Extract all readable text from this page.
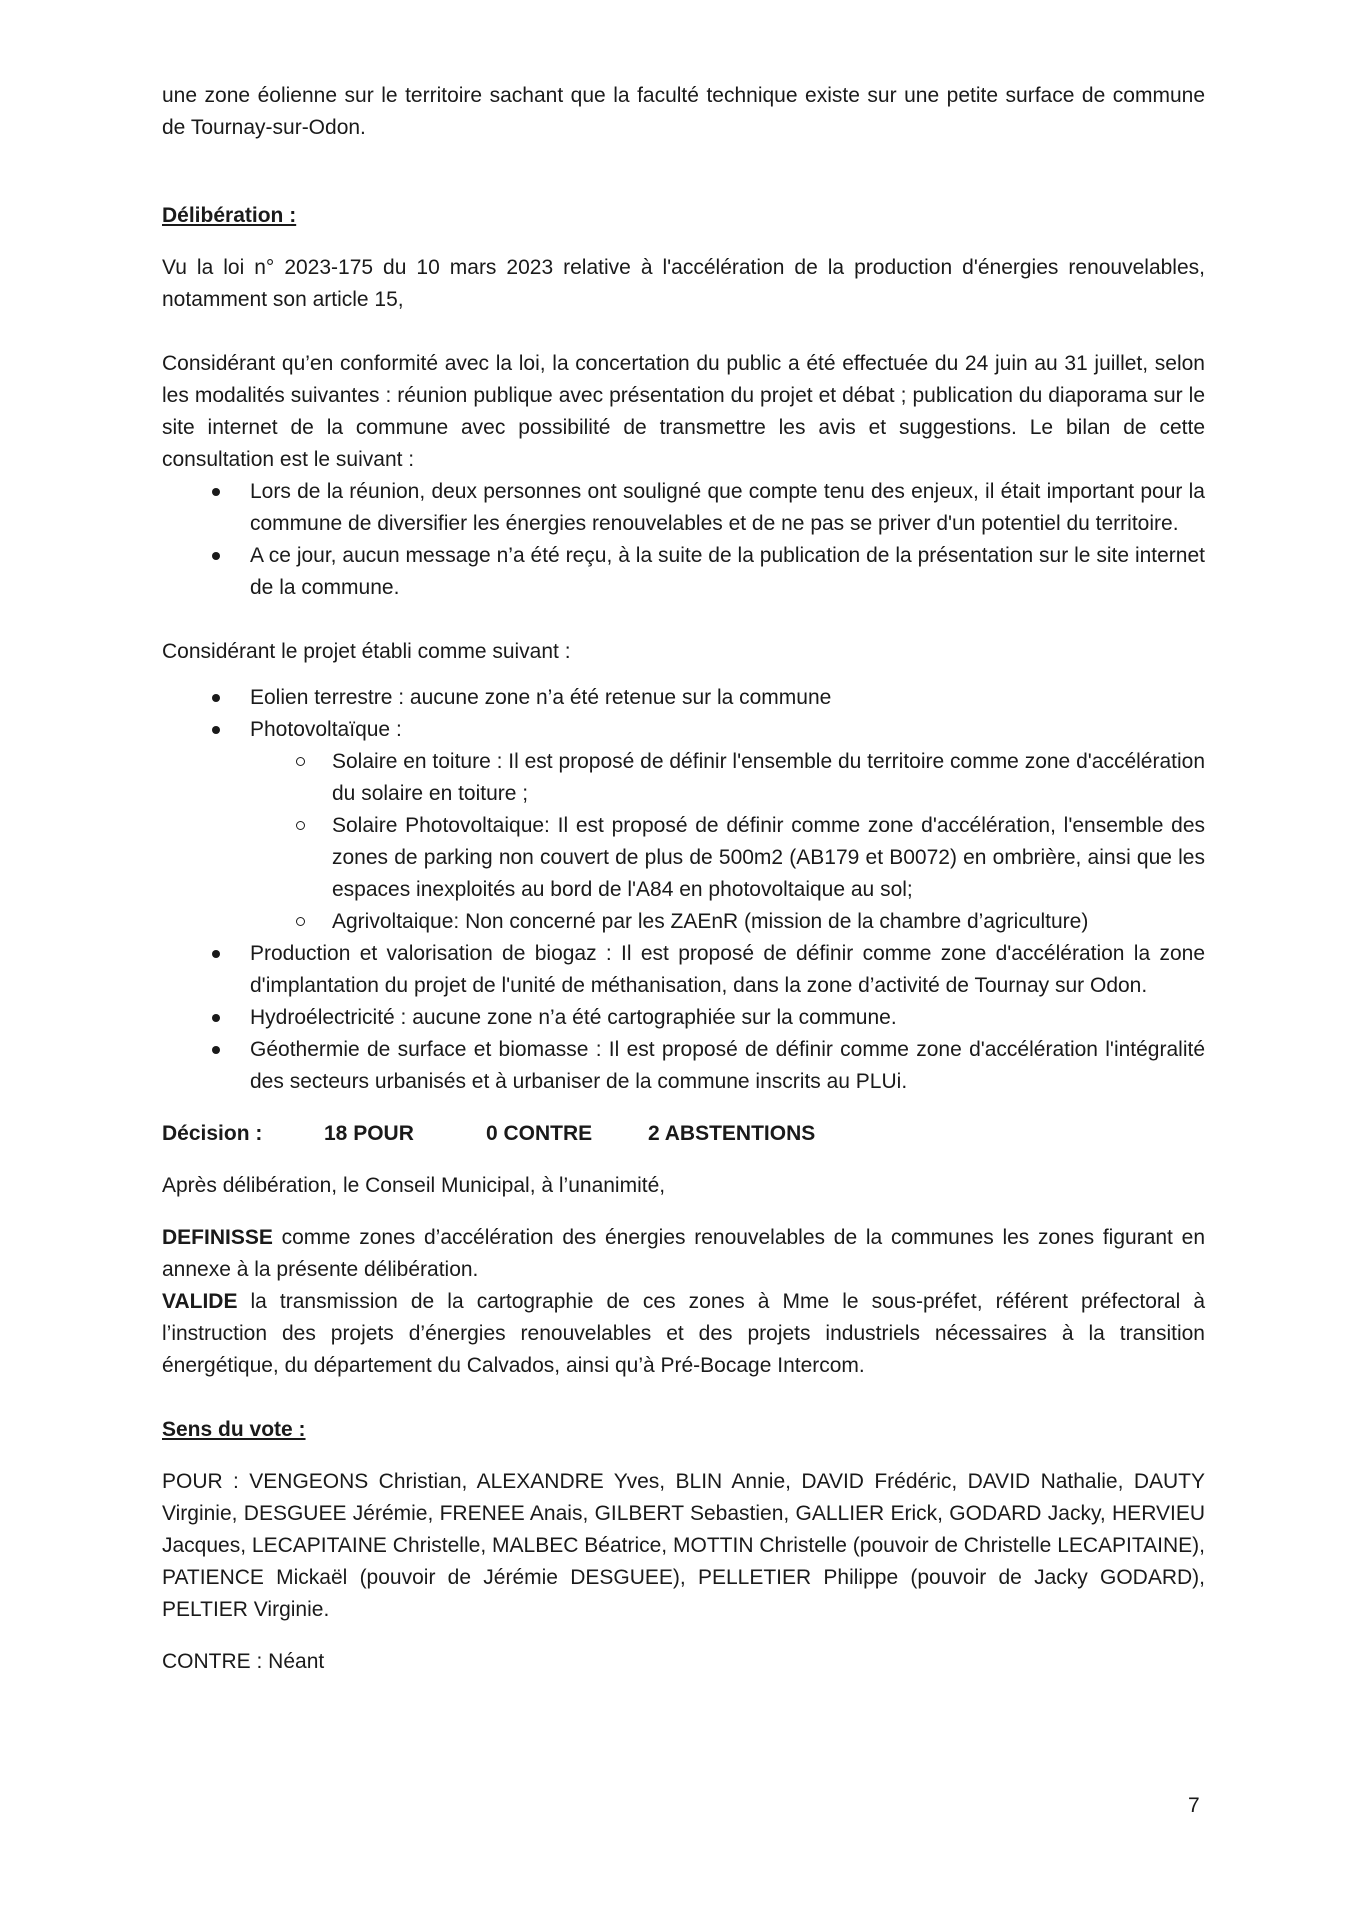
une zone éolienne sur le territoire sachant que la faculté technique existe sur une petite surface de commune de Tournay-sur-Odon.

Délibération :

Vu la loi n° 2023-175 du 10 mars 2023 relative à l'accélération de la production d'énergies renouvelables, notamment son article 15,

Considérant qu’en conformité avec la loi, la concertation du public a été effectuée du 24 juin au 31 juillet, selon les modalités suivantes : réunion publique avec présentation du projet et débat ; publication du diaporama sur le site internet de la commune avec possibilité de transmettre les avis et suggestions. Le bilan de cette consultation est le suivant :

Lors de la réunion, deux personnes ont souligné que compte tenu des enjeux, il était important pour la commune de diversifier les énergies renouvelables et de ne pas se priver d'un potentiel du territoire.
A ce jour, aucun message n’a été reçu, à la suite de la publication de la présentation sur le site internet de la commune.

Considérant le projet établi comme suivant :

Eolien terrestre : aucune zone n’a été retenue sur la commune
Photovoltaïque :
Solaire en toiture : Il est proposé de définir l'ensemble du territoire comme zone d'accélération du solaire en toiture ;
Solaire Photovoltaique: Il est proposé de définir comme zone d'accélération, l'ensemble des zones de parking non couvert de plus de 500m2 (AB179 et B0072) en ombrière, ainsi que les espaces inexploités au bord de l'A84 en photovoltaique au sol;
Agrivoltaique: Non concerné par les ZAEnR (mission de la chambre d’agriculture)
Production et valorisation de biogaz : Il est proposé de définir comme zone d'accélération la zone d'implantation du projet de l'unité de méthanisation, dans la zone d’activité de Tournay sur Odon.
Hydroélectricité : aucune zone n’a été cartographiée sur la commune.
Géothermie de surface et biomasse : Il est proposé de définir comme zone d'accélération l'intégralité des secteurs urbanisés et à urbaniser de la commune inscrits au PLUi.

Décision :	18 POUR	0 CONTRE	2 ABSTENTIONS

Après délibération, le Conseil Municipal, à l’unanimité,

DEFINISSE comme zones d’accélération des énergies renouvelables de la communes les zones figurant en annexe à la présente délibération.

VALIDE la transmission de la cartographie de ces zones à Mme le sous-préfet, référent préfectoral à l’instruction des projets d’énergies renouvelables et des projets industriels nécessaires à la transition énergétique, du département du Calvados, ainsi qu’à Pré-Bocage Intercom.

Sens du vote :

POUR : VENGEONS Christian, ALEXANDRE Yves, BLIN Annie, DAVID Frédéric, DAVID Nathalie, DAUTY Virginie, DESGUEE Jérémie, FRENEE Anais, GILBERT Sebastien, GALLIER Erick, GODARD Jacky, HERVIEU Jacques, LECAPITAINE Christelle, MALBEC Béatrice, MOTTIN Christelle (pouvoir de Christelle LECAPITAINE), PATIENCE Mickaël (pouvoir de Jérémie DESGUEE), PELLETIER Philippe (pouvoir de Jacky GODARD), PELTIER Virginie.

CONTRE : Néant

7
